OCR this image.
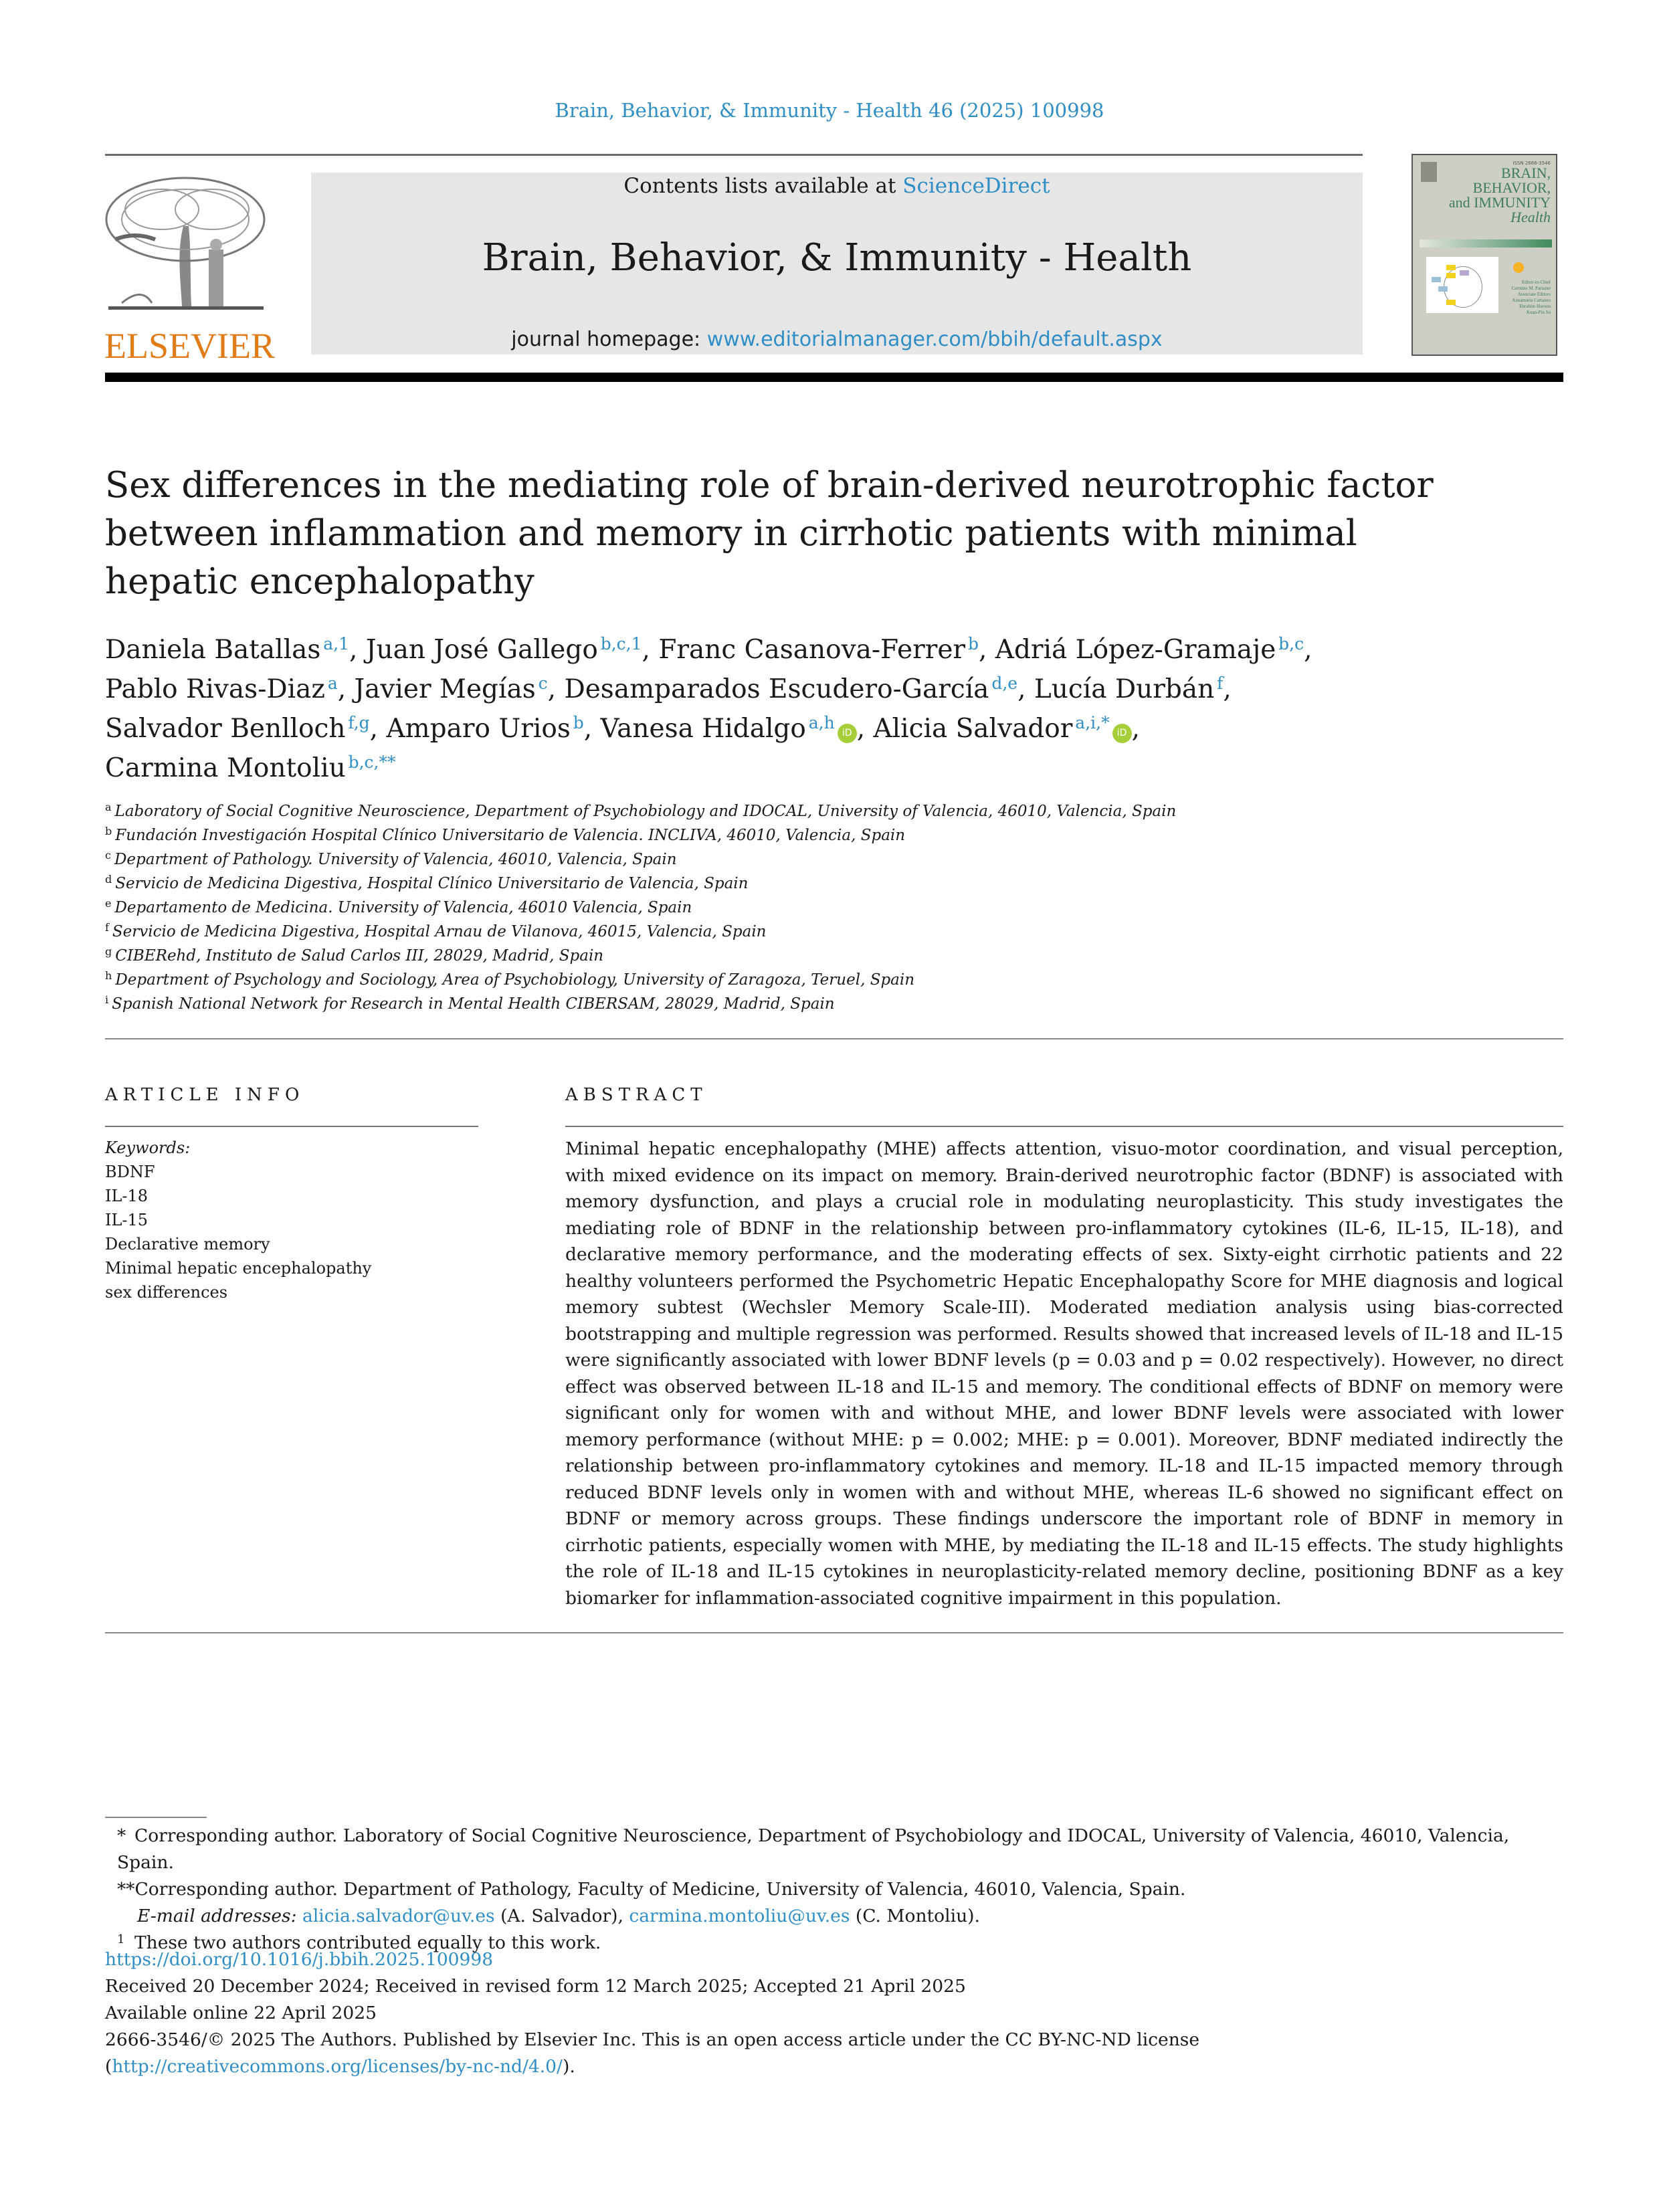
Brain, Behavior, & Immunity - Health 46 (2025) 100998
ELSEVIER
Contents lists available at ScienceDirect
Brain, Behavior, & Immunity - Health
journal homepage: www.editorialmanager.com/bbih/default.aspx
ISSN 2666-3546
BRAIN,
BEHAVIOR,
and IMMUNITY
Health
Editor-in-Chief
Carmine M. Pariante
Associate Editors
Annamaria Cattaneo
Ebrahim Haroon
Kuan-Pin Su
Sex differences in the mediating role of brain-derived neurotrophic factor
between inflammation and memory in cirrhotic patients with minimal
hepatic encephalopathy
Daniela Batallas  $^{a,1}$, Juan José Gallego  $^{b,c,1}$, Franc Casanova-Ferrer  $^b$, Adriá López-Gramaje  $^{b,c}$,
Pablo Rivas-Diaz  $^a$, Javier Megías  $^c$, Desamparados Escudero-García  $^{d,e}$, Lucía Durbán  $^f$,
Salvador Benlloch  $^{f,g}$, Amparo Urios  $^b$, Vanesa Hidalgo  $^{a,h}$iD , Alicia Salvador  $^{a,i,*}$iD ,
Carmina Montoliu  $^{b,c,**}$
$^a$ Laboratory of Social Cognitive Neuroscience, Department of Psychobiology and IDOCAL, University of Valencia, 46010, Valencia, Spain
$^b$ Fundación Investigación Hospital Clínico Universitario de Valencia. INCLIVA, 46010, Valencia, Spain
$^c$ Department of Pathology. University of Valencia, 46010, Valencia, Spain
$^d$ Servicio de Medicina Digestiva, Hospital Clínico Universitario de Valencia, Spain
$^e$ Departamento de Medicina. University of Valencia, 46010 Valencia, Spain
$^f$ Servicio de Medicina Digestiva, Hospital Arnau de Vilanova, 46015, Valencia, Spain
$^g$ CIBERehd, Instituto de Salud Carlos III, 28029, Madrid, Spain
$^h$ Department of Psychology and Sociology, Area of Psychobiology, University of Zaragoza, Teruel, Spain
$^i$ Spanish National Network for Research in Mental Health CIBERSAM, 28029, Madrid, Spain
ARTICLE INFO
Keywords:
BDNF
IL-18
IL-15
Declarative memory
Minimal hepatic encephalopathy
sex differences
ABSTRACT
Minimal hepatic encephalopathy (MHE) affects attention, visuo-motor coordination, and visual perception, with mixed evidence on its impact on memory. Brain-derived neurotrophic factor (BDNF) is associated with memory dysfunction, and plays a crucial role in modulating neuroplasticity. This study investigates the mediating role of BDNF in the relationship between pro-inflammatory cytokines (IL-6, IL-15, IL-18), and declarative memory performance, and the moderating effects of sex. Sixty-eight cirrhotic patients and 22 healthy volunteers performed the Psychometric Hepatic Encephalopathy Score for MHE diagnosis and logical memory subtest (Wechsler Memory Scale-III). Moderated mediation analysis using bias-corrected bootstrapping and multiple regression was performed. Results showed that increased levels of IL-18 and IL-15 were significantly associated with lower BDNF levels (p = 0.03 and p = 0.02 respectively). However, no direct effect was observed between IL-18 and IL-15 and memory. The conditional effects of BDNF on memory were significant only for women with and without MHE, and lower BDNF levels were associated with lower memory performance (without MHE: p = 0.002; MHE: p = 0.001). Moreover, BDNF mediated indirectly the relationship between pro-inflammatory cytokines and memory. IL-18 and IL-15 impacted memory through reduced BDNF levels only in women with and without MHE, whereas IL-6 showed no significant effect on BDNF or memory across groups. These findings underscore the important role of BDNF in memory in cirrhotic patients, especially women with MHE, by mediating the IL-18 and IL-15 effects. The study highlights the role of IL-18 and IL-15 cytokines in neuroplasticity-related memory decline, positioning BDNF as a key biomarker for inflammation-associated cognitive impairment in this population.
* Corresponding author. Laboratory of Social Cognitive Neuroscience, Department of Psychobiology and IDOCAL, University of Valencia, 46010, Valencia, Spain.
**Corresponding author. Department of Pathology, Faculty of Medicine, University of Valencia, 46010, Valencia, Spain.
E-mail addresses: alicia.salvador@uv.es (A. Salvador), carmina.montoliu@uv.es (C. Montoliu).
$^1$ These two authors contributed equally to this work.
https://doi.org/10.1016/j.bbih.2025.100998
Received 20 December 2024; Received in revised form 12 March 2025; Accepted 21 April 2025
Available online 22 April 2025
2666-3546/© 2025 The Authors. Published by Elsevier Inc. This is an open access article under the CC BY-NC-ND license (http://creativecommons.org/licenses/by-nc-nd/4.0/).
